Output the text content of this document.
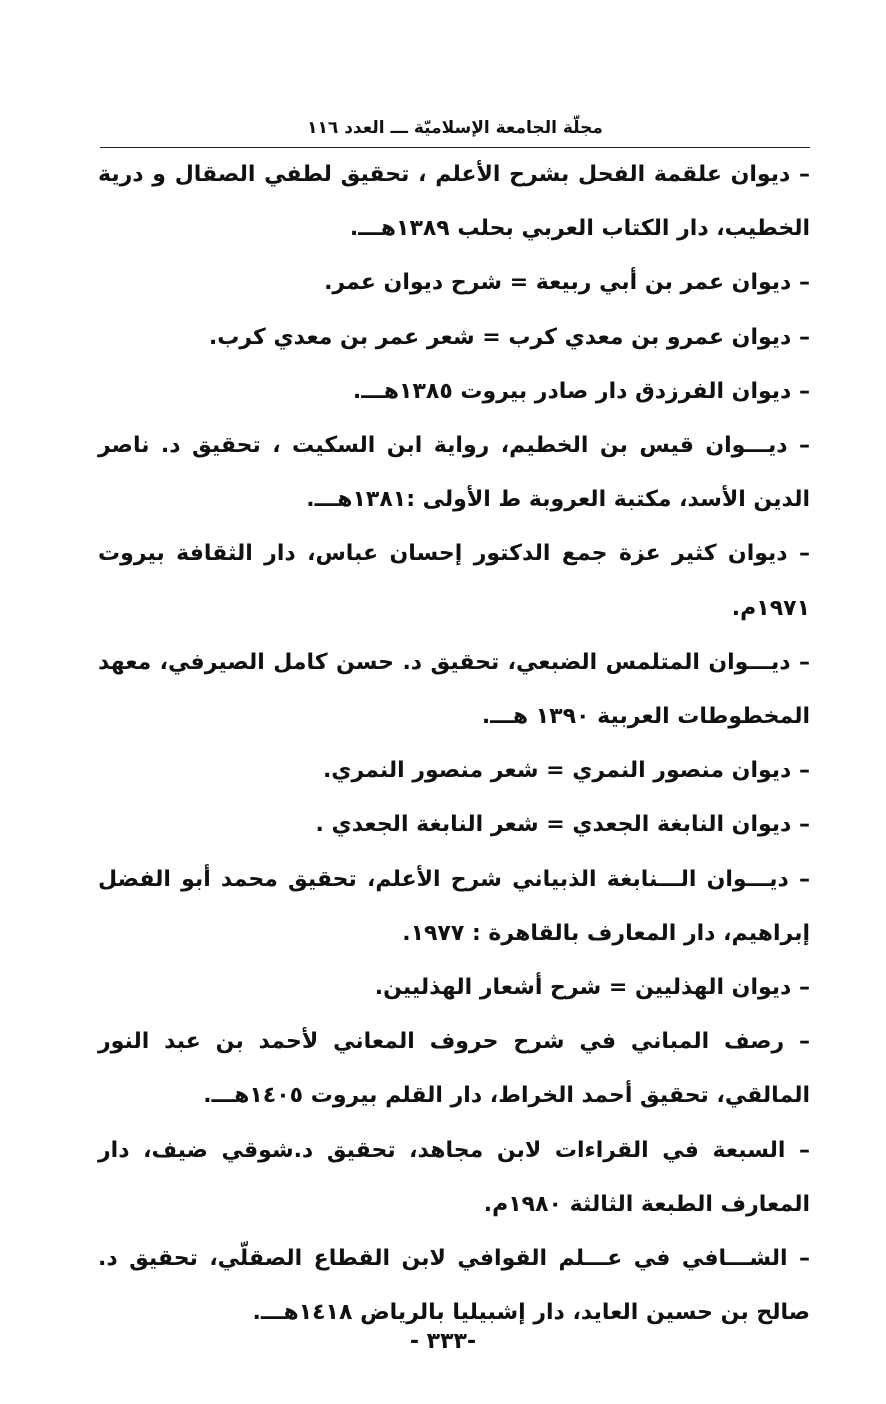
مجلّة الجامعة الإسلاميّة ـــ العدد ١١٦

– ديوان علقمة الفحل بشرح الأعلم ، تحقيق لطفي الصقال و درية الخطيب، دار الكتاب العربي بحلب ١٣٨٩هـــ.

– ديوان عمر بن أبي ربيعة = شرح ديوان عمر.

– ديوان عمرو بن معدي كرب = شعر عمر بن معدي كرب.

– ديوان الفرزدق دار صادر بيروت ١٣٨٥هـــ.

– ديـــوان قيس بن الخطيم، رواية ابن السكيت ، تحقيق د. ناصر الدين الأسد، مكتبة العروبة ط الأولى :١٣٨١هـــ.

– ديوان كثير عزة جمع الدكتور إحسان عباس، دار الثقافة بيروت ١٩٧١م.

– ديـــوان المتلمس الضبعي، تحقيق د. حسن كامل الصيرفي، معهد المخطوطات العربية ١٣٩٠ هـــ.

– ديوان منصور النمري = شعر منصور النمري.

– ديوان النابغة الجعدي = شعر النابغة الجعدي .

– ديـــوان الـــنابغة الذبياني شرح الأعلم، تحقيق محمد أبو الفضل إبراهيم، دار المعارف بالقاهرة : ١٩٧٧.

– ديوان الهذليين = شرح أشعار الهذليين.

– رصف المباني في شرح حروف المعاني لأحمد بن عبد النور المالقي، تحقيق أحمد الخراط، دار القلم بيروت ١٤٠٥هـــ.

– السبعة في القراءات لابن مجاهد، تحقيق د.شوقي ضيف، دار المعارف الطبعة الثالثة ١٩٨٠م.

– الشـــافي في عـــلم القوافي لابن القطاع الصقلّي، تحقيق د. صالح بن حسين العايد، دار إشبيليا بالرياض ١٤١٨هـــ.

-٣٣٣ -
